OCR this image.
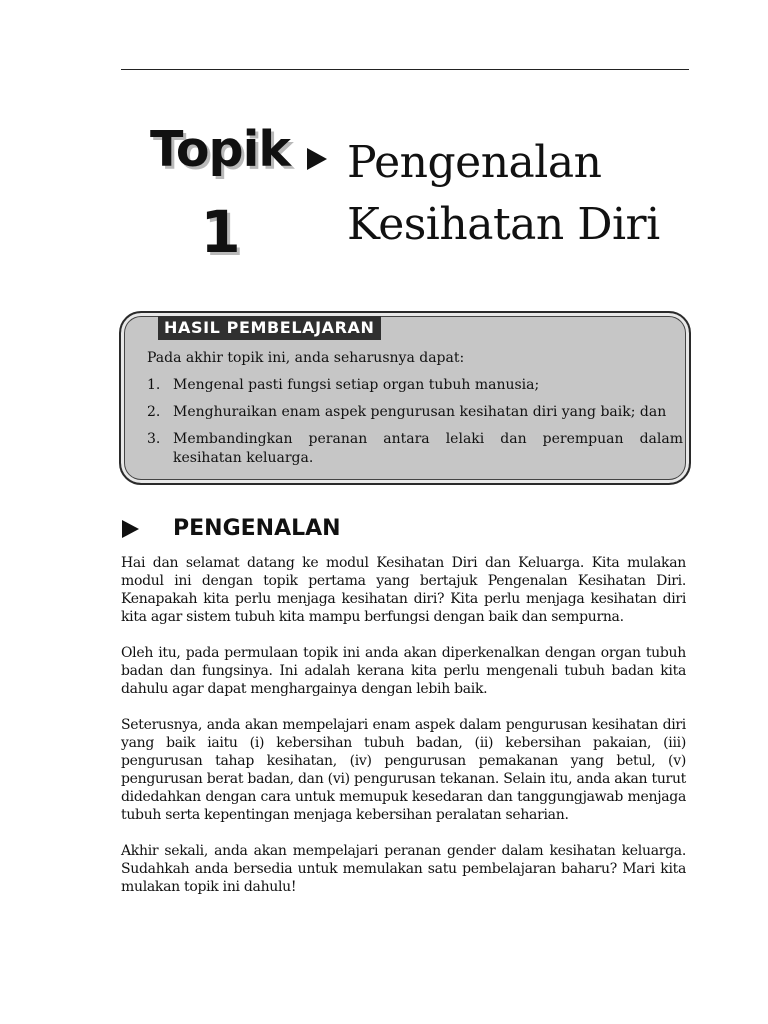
Topik
1
Pengenalan
Kesihatan Diri
HASIL PEMBELAJARAN

Pada akhir topik ini, anda seharusnya dapat:

1. Mengenal pasti fungsi setiap organ tubuh manusia;
2. Menghuraikan enam aspek pengurusan kesihatan diri yang baik; dan
3. Membandingkan peranan antara lelaki dan perempuan dalam kesihatan keluarga.
PENGENALAN

Hai dan selamat datang ke modul Kesihatan Diri dan Keluarga. Kita mulakan modul ini dengan topik pertama yang bertajuk Pengenalan Kesihatan Diri. Kenapakah kita perlu menjaga kesihatan diri? Kita perlu menjaga kesihatan diri kita agar sistem tubuh kita mampu berfungsi dengan baik dan sempurna.

Oleh itu, pada permulaan topik ini anda akan diperkenalkan dengan organ tubuh badan dan fungsinya. Ini adalah kerana kita perlu mengenali tubuh badan kita dahulu agar dapat menghargainya dengan lebih baik.

Seterusnya, anda akan mempelajari enam aspek dalam pengurusan kesihatan diri yang baik iaitu (i) kebersihan tubuh badan, (ii) kebersihan pakaian, (iii) pengurusan tahap kesihatan, (iv) pengurusan pemakanan yang betul, (v) pengurusan berat badan, dan (vi) pengurusan tekanan. Selain itu, anda akan turut didedahkan dengan cara untuk memupuk kesedaran dan tanggungjawab menjaga tubuh serta kepentingan menjaga kebersihan peralatan seharian.

Akhir sekali, anda akan mempelajari peranan gender dalam kesihatan keluarga. Sudahkah anda bersedia untuk memulakan satu pembelajaran baharu? Mari kita mulakan topik ini dahulu!
